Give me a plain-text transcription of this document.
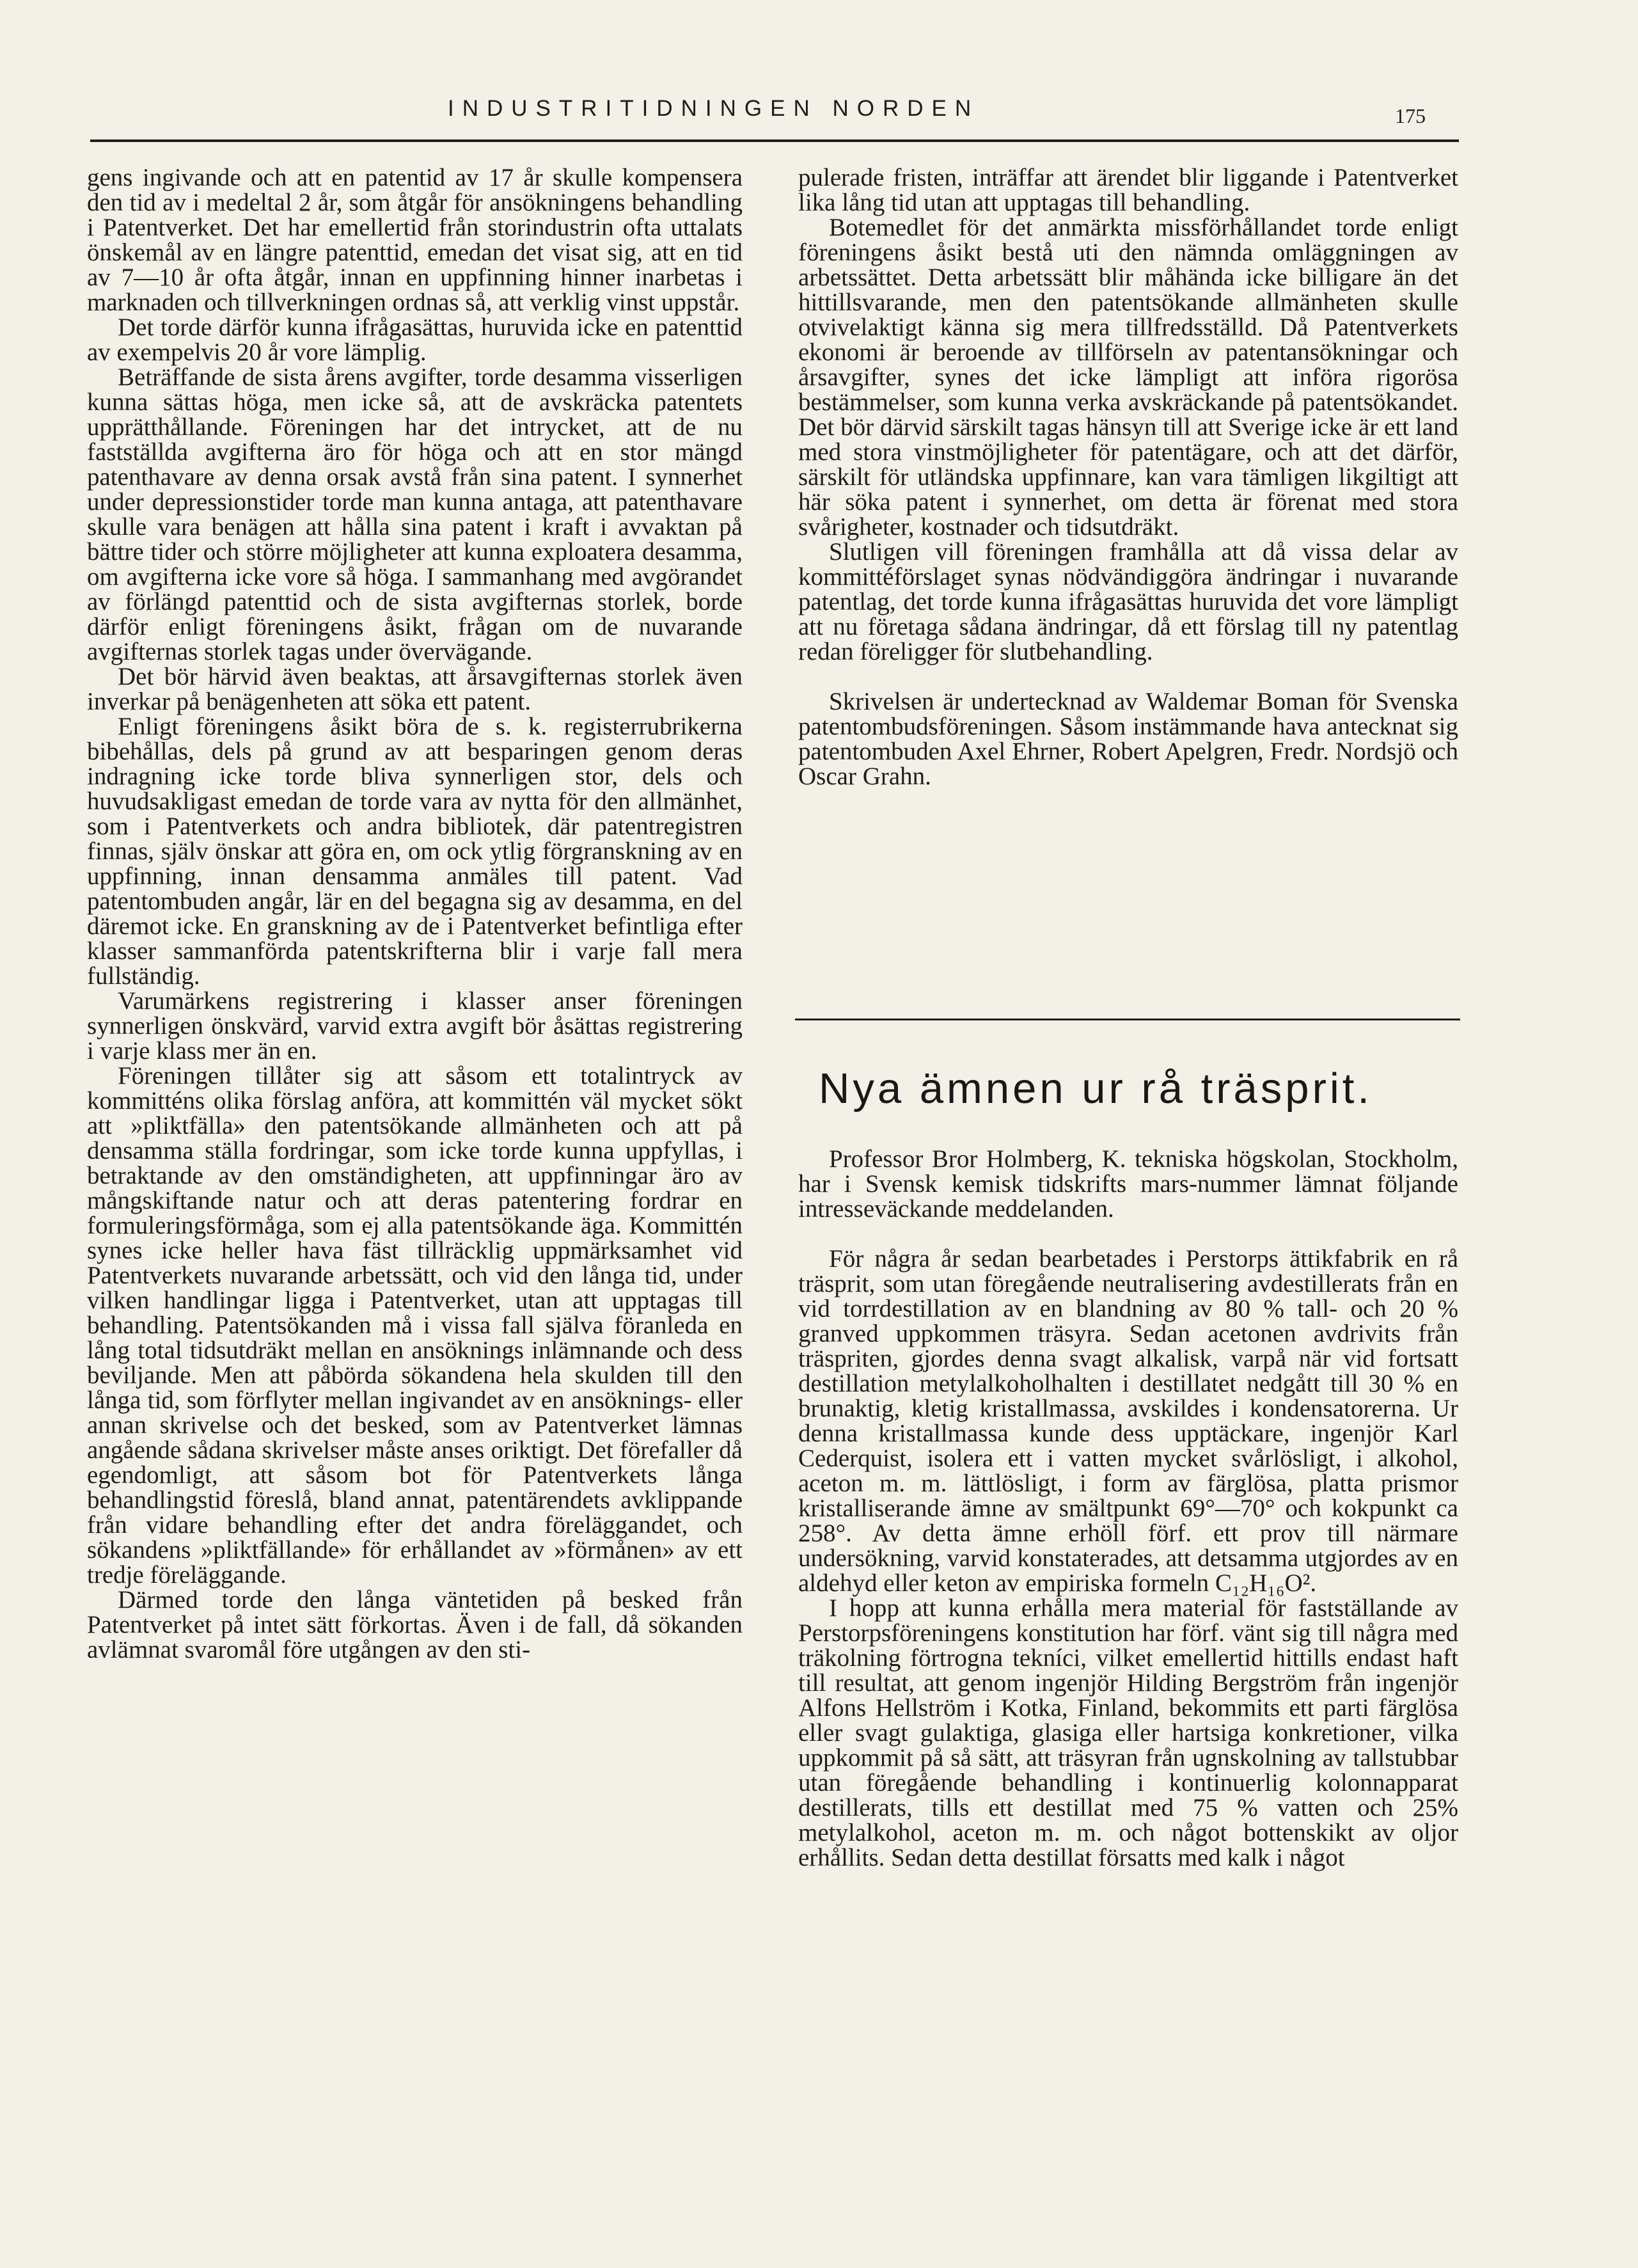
INDUSTRITIDNINGEN NORDEN	175

gens ingivande och att en patentid av 17 år skulle kompensera den tid av i medeltal 2 år, som åtgår för ansökningens behandling i Patentverket. Det har emellertid från storindustrin ofta uttalats önskemål av en längre patenttid, emedan det visat sig, att en tid av 7—10 år ofta åtgår, innan en uppfinning hinner inarbetas i marknaden och tillverkningen ordnas så, att verklig vinst uppstår.

Det torde därför kunna ifrågasättas, huruvida icke en patenttid av exempelvis 20 år vore lämplig.

Beträffande de sista årens avgifter, torde desamma visserligen kunna sättas höga, men icke så, att de avskräcka patentets upprätthållande. Föreningen har det intrycket, att de nu fastställda avgifterna äro för höga och att en stor mängd patenthavare av denna orsak avstå från sina patent. I synnerhet under depressionstider torde man kunna antaga, att patenthavare skulle vara benägen att hålla sina patent i kraft i avvaktan på bättre tider och större möjligheter att kunna exploatera desamma, om avgifterna icke vore så höga. I sammanhang med avgörandet av förlängd patenttid och de sista avgifternas storlek, borde därför enligt föreningens åsikt, frågan om de nuvarande avgifternas storlek tagas under övervägande.

Det bör härvid även beaktas, att årsavgifternas storlek även inverkar på benägenheten att söka ett patent.

Enligt föreningens åsikt böra de s. k. registerrubrikerna bibehållas, dels på grund av att besparingen genom deras indragning icke torde bliva synnerligen stor, dels och huvudsakligast emedan de torde vara av nytta för den allmänhet, som i Patentverkets och andra bibliotek, där patentregistren finnas, själv önskar att göra en, om ock ytlig förgranskning av en uppfinning, innan densamma anmäles till patent. Vad patentombuden angår, lär en del begagna sig av desamma, en del däremot icke. En granskning av de i Patentverket befintliga efter klasser sammanförda patentskrifterna blir i varje fall mera fullständig.

Varumärkens registrering i klasser anser föreningen synnerligen önskvärd, varvid extra avgift bör åsättas registrering i varje klass mer än en.

Föreningen tillåter sig att såsom ett totalintryck av kommitténs olika förslag anföra, att kommittén väl mycket sökt att »pliktfälla» den patentsökande allmänheten och att på densamma ställa fordringar, som icke torde kunna uppfyllas, i betraktande av den omständigheten, att uppfinningar äro av mångskiftande natur och att deras patentering fordrar en formuleringsförmåga, som ej alla patentsökande äga. Kommittén synes icke heller hava fäst tillräcklig uppmärksamhet vid Patentverkets nuvarande arbetssätt, och vid den långa tid, under vilken handlingar ligga i Patentverket, utan att upptagas till behandling. Patentsökanden må i vissa fall själva föranleda en lång total tidsutdräkt mellan en ansöknings inlämnande och dess beviljande. Men att påbörda sökandena hela skulden till den långa tid, som förflyter mellan ingivandet av en ansöknings- eller annan skrivelse och det besked, som av Patentverket lämnas angående sådana skrivelser måste anses oriktigt. Det förefaller då egendomligt, att såsom bot för Patentverkets långa behandlingstid föreslå, bland annat, patentärendets avklippande från vidare behandling efter det andra föreläggandet, och sökandens »pliktfällande» för erhållandet av »förmånen» av ett tredje föreläggande.

Därmed torde den långa väntetiden på besked från Patentverket på intet sätt förkortas. Även i de fall, då sökanden avlämnat svaromål före utgången av den sti-

pulerade fristen, inträffar att ärendet blir liggande i Patentverket lika lång tid utan att upptagas till behandling.

Botemedlet för det anmärkta missförhållandet torde enligt föreningens åsikt bestå uti den nämnda omläggningen av arbetssättet. Detta arbetssätt blir måhända icke billigare än det hittillsvarande, men den patentsökande allmänheten skulle otvivelaktigt känna sig mera tillfredsställd. Då Patentverkets ekonomi är beroende av tillförseln av patentansökningar och årsavgifter, synes det icke lämpligt att införa rigorösa bestämmelser, som kunna verka avskräckande på patentsökandet. Det bör därvid särskilt tagas hänsyn till att Sverige icke är ett land med stora vinstmöjligheter för patentägare, och att det därför, särskilt för utländska uppfinnare, kan vara tämligen likgiltigt att här söka patent i synnerhet, om detta är förenat med stora svårigheter, kostnader och tidsutdräkt.

Slutligen vill föreningen framhålla att då vissa delar av kommittéförslaget synas nödvändiggöra ändringar i nuvarande patentlag, det torde kunna ifrågasättas huruvida det vore lämpligt att nu företaga sådana ändringar, då ett förslag till ny patentlag redan föreligger för slutbehandling.

Skrivelsen är undertecknad av Waldemar Boman för Svenska patentombudsföreningen. Såsom instämmande hava antecknat sig patentombuden Axel Ehrner, Robert Apelgren, Fredr. Nordsjö och Oscar Grahn.

Nya ämnen ur rå träsprit.

Professor Bror Holmberg, K. tekniska högskolan, Stockholm, har i Svensk kemisk tidskrifts mars-nummer lämnat följande intresseväckande meddelanden.

För några år sedan bearbetades i Perstorps ättikfabrik en rå träsprit, som utan föregående neutralisering avdestillerats från en vid torrdestillation av en blandning av 80 % tall- och 20 % granved uppkommen träsyra. Sedan acetonen avdrivits från träspriten, gjordes denna svagt alkalisk, varpå när vid fortsatt destillation metylalkoholhalten i destillatet nedgått till 30 % en brunaktig, kletig kristallmassa, avskildes i kondensatorerna. Ur denna kristallmassa kunde dess upptäckare, ingenjör Karl Cederquist, isolera ett i vatten mycket svårlösligt, i alkohol, aceton m. m. lättlösligt, i form av färglösa, platta prismor kristalliserande ämne av smältpunkt 69°—70° och kokpunkt ca 258°. Av detta ämne erhöll förf. ett prov till närmare undersökning, varvid konstaterades, att detsamma utgjordes av en aldehyd eller keton av empiriska formeln C₁₂H₁₆O².

I hopp att kunna erhålla mera material för fastställande av Perstorpsföreningens konstitution har förf. vänt sig till några med träkolning förtrogna tekníci, vilket emellertid hittills endast haft till resultat, att genom ingenjör Hilding Bergström från ingenjör Alfons Hellström i Kotka, Finland, bekommits ett parti färglösa eller svagt gulaktiga, glasiga eller hartsiga konkretioner, vilka uppkommit på så sätt, att träsyran från ugnskolning av tallstubbar utan föregående behandling i kontinuerlig kolonnapparat destillerats, tills ett destillat med 75 % vatten och 25% metylalkohol, aceton m. m. och något bottenskikt av oljor erhållits. Sedan detta destillat försatts med kalk i något
